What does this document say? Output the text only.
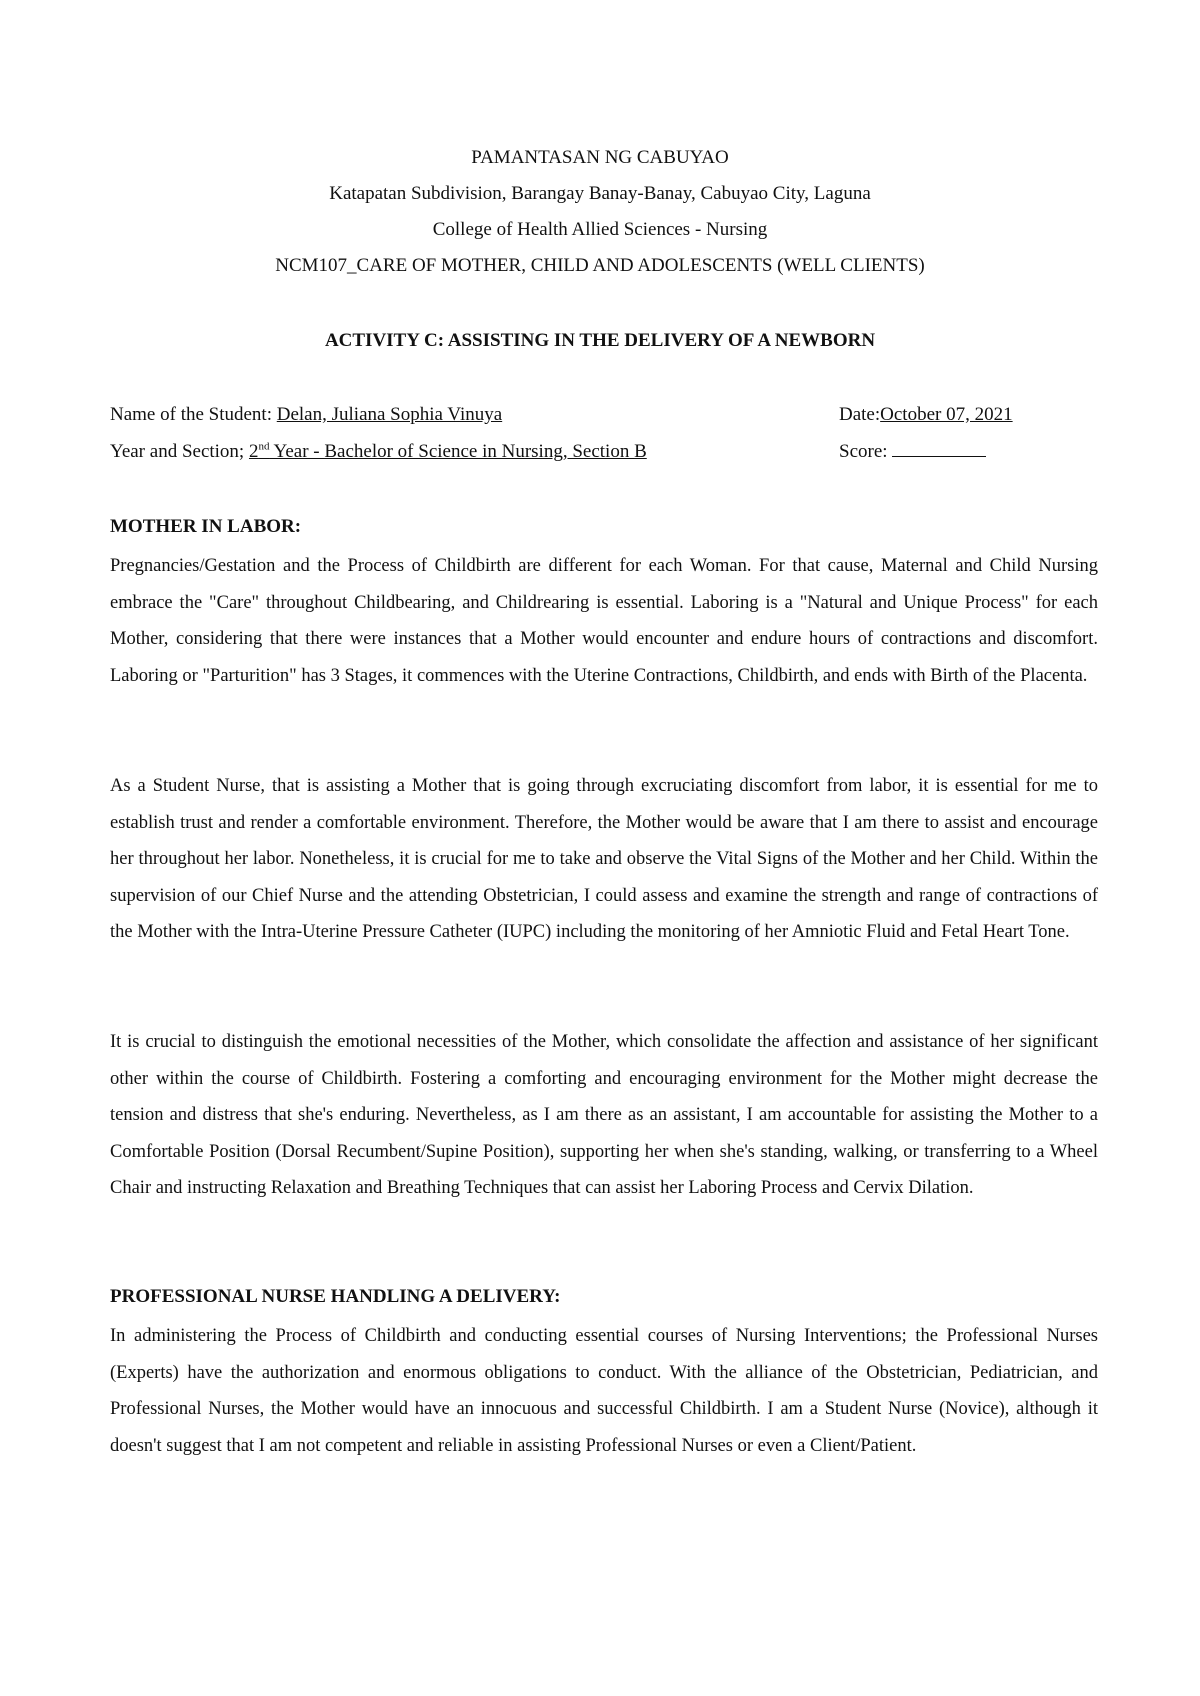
PAMANTASAN NG CABUYAO
Katapatan Subdivision, Barangay Banay-Banay, Cabuyao City, Laguna
College of Health Allied Sciences - Nursing
NCM107_CARE OF MOTHER, CHILD AND ADOLESCENTS (WELL CLIENTS)
ACTIVITY C: ASSISTING IN THE DELIVERY OF A NEWBORN
Name of the Student: Delan, Juliana Sophia Vinuya	Date:October 07, 2021
Year and Section; 2nd Year - Bachelor of Science in Nursing, Section B	Score:
MOTHER IN LABOR:

Pregnancies/Gestation and the Process of Childbirth are different for each Woman. For that cause, Maternal and Child Nursing embrace the "Care" throughout Childbearing, and Childrearing is essential. Laboring is a "Natural and Unique Process" for each Mother, considering that there were instances that a Mother would encounter and endure hours of contractions and discomfort. Laboring or "Parturition" has 3 Stages, it commences with the Uterine Contractions, Childbirth, and ends with Birth of the Placenta.

As a Student Nurse, that is assisting a Mother that is going through excruciating discomfort from labor, it is essential for me to establish trust and render a comfortable environment. Therefore, the Mother would be aware that I am there to assist and encourage her throughout her labor. Nonetheless, it is crucial for me to take and observe the Vital Signs of the Mother and her Child. Within the supervision of our Chief Nurse and the attending Obstetrician, I could assess and examine the strength and range of contractions of the Mother with the Intra-Uterine Pressure Catheter (IUPC) including the monitoring of her Amniotic Fluid and Fetal Heart Tone.

It is crucial to distinguish the emotional necessities of the Mother, which consolidate the affection and assistance of her significant other within the course of Childbirth. Fostering a comforting and encouraging environment for the Mother might decrease the tension and distress that she's enduring. Nevertheless, as I am there as an assistant, I am accountable for assisting the Mother to a Comfortable Position (Dorsal Recumbent/Supine Position), supporting her when she's standing, walking, or transferring to a Wheel Chair and instructing Relaxation and Breathing Techniques that can assist her Laboring Process and Cervix Dilation.

PROFESSIONAL NURSE HANDLING A DELIVERY:

In administering the Process of Childbirth and conducting essential courses of Nursing Interventions; the Professional Nurses (Experts) have the authorization and enormous obligations to conduct. With the alliance of the Obstetrician, Pediatrician, and Professional Nurses, the Mother would have an innocuous and successful Childbirth. I am a Student Nurse (Novice), although it doesn't suggest that I am not competent and reliable in assisting Professional Nurses or even a Client/Patient.
